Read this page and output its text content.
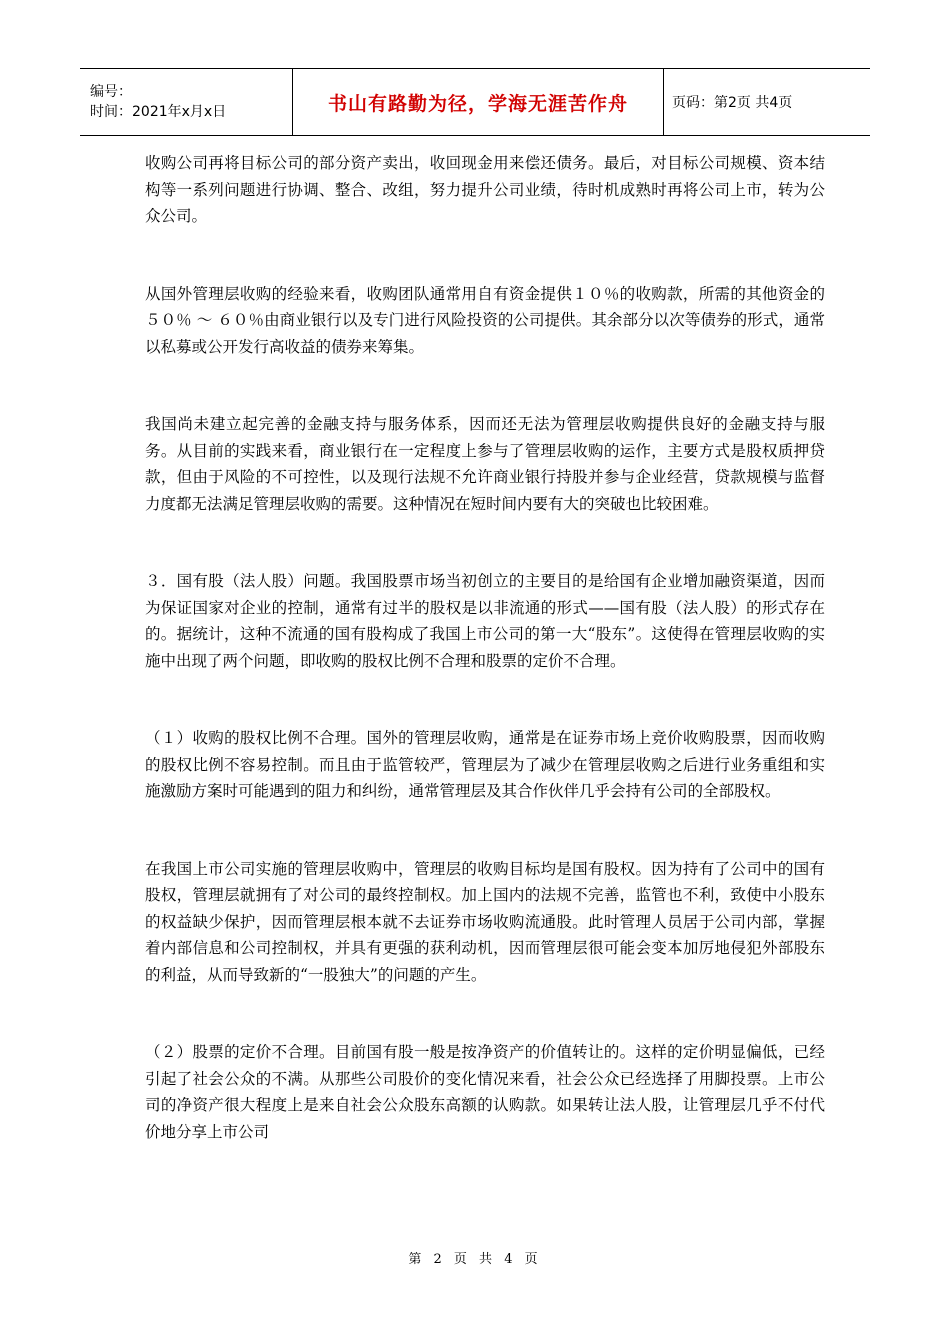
编号：
时间：2021年x月x日	书山有路勤为径，学海无涯苦作舟	页码：第2页 共4页

收购公司再将目标公司的部分资产卖出，收回现金用来偿还债务。最后，对目标公司规模、资本结构等一系列问题进行协调、整合、改组，努力提升公司业绩，待时机成熟时再将公司上市，转为公众公司。

从国外管理层收购的经验来看，收购团队通常用自有资金提供１０％的收购款，所需的其他资金的５０％ ～ ６０％由商业银行以及专门进行风险投资的公司提供。其余部分以次等债券的形式，通常以私募或公开发行高收益的债券来筹集。

我国尚未建立起完善的金融支持与服务体系，因而还无法为管理层收购提供良好的金融支持与服务。从目前的实践来看，商业银行在一定程度上参与了管理层收购的运作，主要方式是股权质押贷款，但由于风险的不可控性，以及现行法规不允许商业银行持股并参与企业经营，贷款规模与监督力度都无法满足管理层收购的需要。这种情况在短时间内要有大的突破也比较困难。

３．国有股（法人股）问题。我国股票市场当初创立的主要目的是给国有企业增加融资渠道，因而为保证国家对企业的控制，通常有过半的股权是以非流通的形式——国有股（法人股）的形式存在的。据统计，这种不流通的国有股构成了我国上市公司的第一大“股东”。这使得在管理层收购的实施中出现了两个问题，即收购的股权比例不合理和股票的定价不合理。

（１）收购的股权比例不合理。国外的管理层收购，通常是在证券市场上竞价收购股票，因而收购的股权比例不容易控制。而且由于监管较严，管理层为了减少在管理层收购之后进行业务重组和实施激励方案时可能遇到的阻力和纠纷，通常管理层及其合作伙伴几乎会持有公司的全部股权。

在我国上市公司实施的管理层收购中，管理层的收购目标均是国有股权。因为持有了公司中的国有股权，管理层就拥有了对公司的最终控制权。加上国内的法规不完善，监管也不利，致使中小股东的权益缺少保护，因而管理层根本就不去证券市场收购流通股。此时管理人员居于公司内部，掌握着内部信息和公司控制权，并具有更强的获利动机，因而管理层很可能会变本加厉地侵犯外部股东的利益，从而导致新的“一股独大”的问题的产生。

（２）股票的定价不合理。目前国有股一般是按净资产的价值转让的。这样的定价明显偏低，已经引起了社会公众的不满。从那些公司股价的变化情况来看，社会公众已经选择了用脚投票。上市公司的净资产很大程度上是来自社会公众股东高额的认购款。如果转让法人股，让管理层几乎不付代价地分享上市公司

第 2 页 共 4 页
